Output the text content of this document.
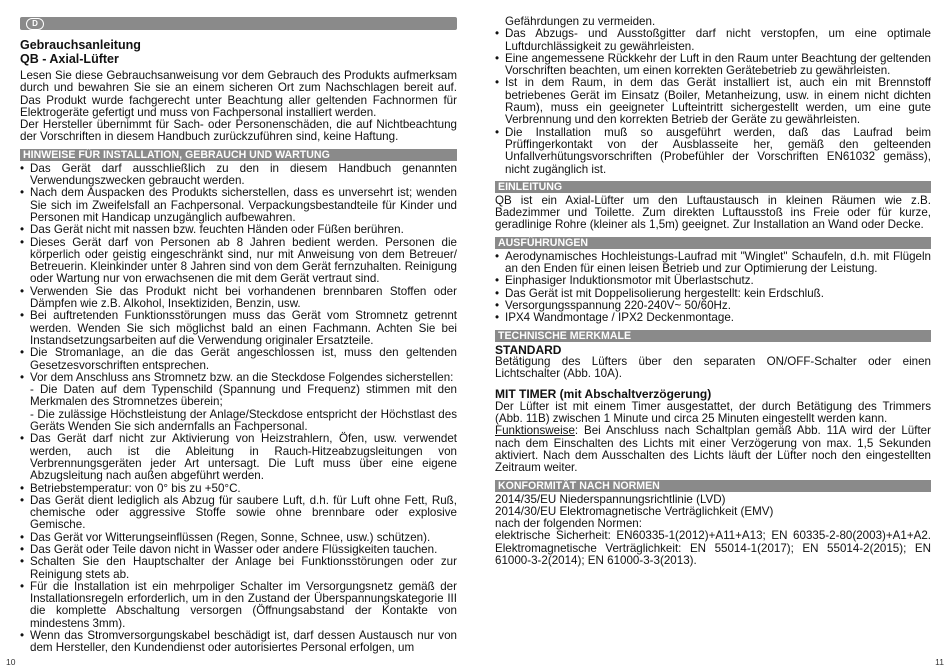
D
Gebrauchsanleitung
QB - Axial-Lüfter

Lesen Sie diese Gebrauchsanweisung vor dem Gebrauch des Produkts aufmerksam durch und bewahren Sie sie an einem sicheren Ort zum Nachschlagen bereit auf. Das Produkt wurde fachgerecht unter Beachtung aller geltenden Fachnormen für Elektrogeräte gefertigt und muss von Fachpersonal installiert werden.

Der Hersteller übernimmt für Sach- oder Personenschäden, die auf Nichtbeachtung der Vorschriften in diesem Handbuch zurückzuführen sind, keine Haftung.

HINWEISE FÜR INSTALLATION, GEBRAUCH UND WARTUNG
• Das Gerät darf ausschließlich zu den in diesem Handbuch genannten Verwendungszwecken gebraucht werden.
• Nach dem Auspacken des Produkts sicherstellen, dass es unversehrt ist; wenden Sie sich im Zweifelsfall an Fachpersonal. Verpackungsbestandteile für Kinder und Personen mit Handicap unzugänglich aufbewahren.
• Das Gerät nicht mit nassen bzw. feuchten Händen oder Füßen berühren.
• Dieses Gerät darf von Personen ab 8 Jahren bedient werden. Personen die körperlich oder geistig eingeschränkt sind, nur mit Anweisung von dem Betreuer/ Betreuerin. Kleinkinder unter 8 Jahren sind von dem Gerät fernzuhalten. Reinigung oder Wartung nur von erwachsenen die mit dem Gerät vertraut sind.
• Verwenden Sie das Produkt nicht bei vorhandenen brennbaren Stoffen oder Dämpfen wie z.B. Alkohol, Insektiziden, Benzin, usw.
• Bei auftretenden Funktionsstörungen muss das Gerät vom Stromnetz getrennt werden. Wenden Sie sich möglichst bald an einen Fachmann. Achten Sie bei Instandsetzungsarbeiten auf die Verwendung originaler Ersatzteile.
• Die Stromanlage, an die das Gerät angeschlossen ist, muss den geltenden Gesetzesvorschriften entsprechen.
• Vor dem Anschluss ans Stromnetz bzw. an die Steckdose Folgendes sicherstellen:
- Die Daten auf dem Typenschild (Spannung und Frequenz) stimmen mit den Merkmalen des Stromnetzes überein;
- Die zulässige Höchstleistung der Anlage/Steckdose entspricht der Höchstlast des Geräts Wenden Sie sich andernfalls an Fachpersonal.
• Das Gerät darf nicht zur Aktivierung von Heizstrahlern, Öfen, usw. verwendet werden, auch ist die Ableitung in Rauch-Hitzeabzugsleitungen von Verbrennungsgeräten jeder Art untersagt. Die Luft muss über eine eigene Abzugsleitung nach außen abgeführt werden.
• Betriebstemperatur: von 0° bis zu +50°C.
• Das Gerät dient lediglich als Abzug für saubere Luft, d.h. für Luft ohne Fett, Ruß, chemische oder aggressive Stoffe sowie ohne brennbare oder explosive Gemische.
• Das Gerät vor Witterungseinflüssen (Regen, Sonne, Schnee, usw.) schützen).
• Das Gerät oder Teile davon nicht in Wasser oder andere Flüssigkeiten tauchen.
• Schalten Sie den Hauptschalter der Anlage bei Funktionsstörungen oder zur Reinigung stets ab.
• Für die Installation ist ein mehrpoliger Schalter im Versorgungsnetz gemäß der Installationsregeln erforderlich, um in den Zustand der Überspannungskategorie III die komplette Abschaltung versorgen (Öffnungsabstand der Kontakte von mindestens 3mm).
• Wenn das Stromversorgungskabel beschädigt ist, darf dessen Austausch nur von dem Hersteller, den Kundendienst oder autorisiertes Personal erfolgen, um
10

Gefährdungen zu vermeiden.

• Das Abzugs- und Ausstoßgitter darf nicht verstopfen, um eine optimale Luftdurchlässigkeit zu gewährleisten.
• Eine angemessene Rückkehr der Luft in den Raum unter Beachtung der geltenden Vorschriften beachten, um einen korrekten Gerätebetrieb zu gewährleisten.
• Ist in dem Raum, in dem das Gerät installiert ist, auch ein mit Brennstoff betriebenes Gerät im Einsatz (Boiler, Metanheizung, usw. in einem nicht dichten Raum), muss ein geeigneter Lufteintritt sichergestellt werden, um eine gute Verbrennung und den korrekten Betrieb der Geräte zu gewährleisten.
• Die Installation muß so ausgeführt werden, daß das Laufrad beim Prüffingerkontakt von der Ausblasseite her, gemäß den gelteenden Unfallverhütungsvorschriften (Probefühler der Vorschriften EN61032 gemäss), nicht zugänglich ist.
EINLEITUNG

QB ist ein Axial-Lüfter um den Luftaustausch in kleinen Räumen wie z.B. Badezimmer und Toilette. Zum direkten Luftausstoß ins Freie oder für kurze, geradlinige Rohre (kleiner als 1,5m) geeignet. Zur Installation an Wand oder Decke.

AUSFÜHRUNGEN
• Aerodynamisches Hochleistungs-Laufrad mit "Winglet" Schaufeln, d.h. mit Flügeln an den Enden für einen leisen Betrieb und zur Optimierung der Leistung.
• Einphasiger Induktionsmotor mit Überlastschutz.
• Das Gerät ist mit Doppelisolierung hergestellt: kein Erdschluß.
• Versorgungsspannung 220-240V~ 50/60Hz.
• IPX4 Wandmontage / IPX2 Deckenmontage.
TECHNISCHE MERKMALE
STANDARD

Betätigung des Lüfters über den separaten ON/OFF-Schalter oder einen Lichtschalter (Abb. 10A).

MIT TIMER (mit Abschaltverzögerung)

Der Lüfter ist mit einem Timer ausgestattet, der durch Betätigung des Trimmers (Abb. 11B) zwischen 1 Minute und circa 25 Minuten eingestellt werden kann.

Funktionsweise: Bei Anschluss nach Schaltplan gemäß Abb. 11A wird der Lüfter nach dem Einschalten des Lichts mit einer Verzögerung von max. 1,5 Sekunden aktiviert. Nach dem Ausschalten des Lichts läuft der Lüfter noch den eingestellten Zeitraum weiter.

KONFORMITÄT NACH NORMEN
2014/35/EU Niederspannungsrichtlinie (LVD)
2014/30/EU Elektromagnetische Verträglichkeit (EMV)
nach der folgenden Normen:

elektrische Sicherheit: EN60335-1(2012)+A11+A13; EN 60335-2-80(2003)+A1+A2. Elektromagnetische Verträglichkeit: EN 55014-1(2017); EN 55014-2(2015); EN 61000-3-2(2014); EN 61000-3-3(2013).

11
